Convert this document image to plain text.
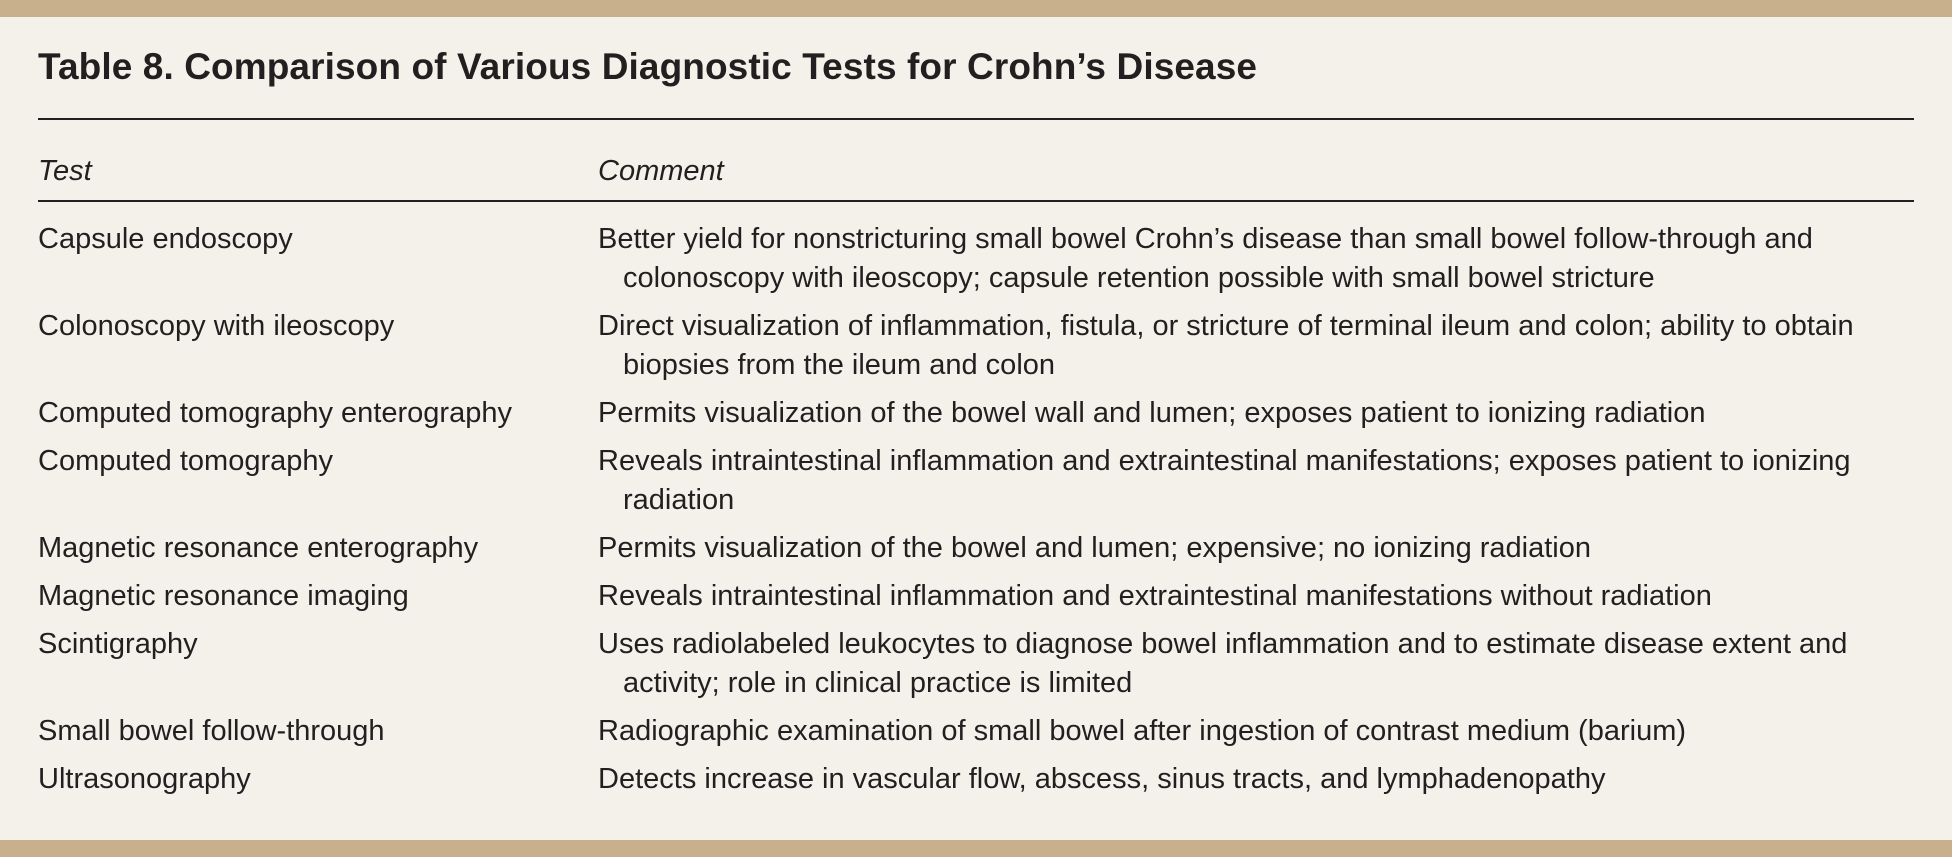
Table 8. Comparison of Various Diagnostic Tests for Crohn’s Disease
Test	Comment
Capsule endoscopy	Better yield for nonstricturing small bowel Crohn’s disease than small bowel follow-through and colonoscopy with ileoscopy; capsule retention possible with small bowel stricture
Colonoscopy with ileoscopy	Direct visualization of inflammation, fistula, or stricture of terminal ileum and colon; ability to obtain biopsies from the ileum and colon
Computed tomography enterography	Permits visualization of the bowel wall and lumen; exposes patient to ionizing radiation
Computed tomography	Reveals intraintestinal inflammation and extraintestinal manifestations; exposes patient to ionizing radiation
Magnetic resonance enterography	Permits visualization of the bowel and lumen; expensive; no ionizing radiation
Magnetic resonance imaging	Reveals intraintestinal inflammation and extraintestinal manifestations without radiation
Scintigraphy	Uses radiolabeled leukocytes to diagnose bowel inflammation and to estimate disease extent and activity; role in clinical practice is limited
Small bowel follow-through	Radiographic examination of small bowel after ingestion of contrast medium (barium)
Ultrasonography	Detects increase in vascular flow, abscess, sinus tracts, and lymphadenopathy
